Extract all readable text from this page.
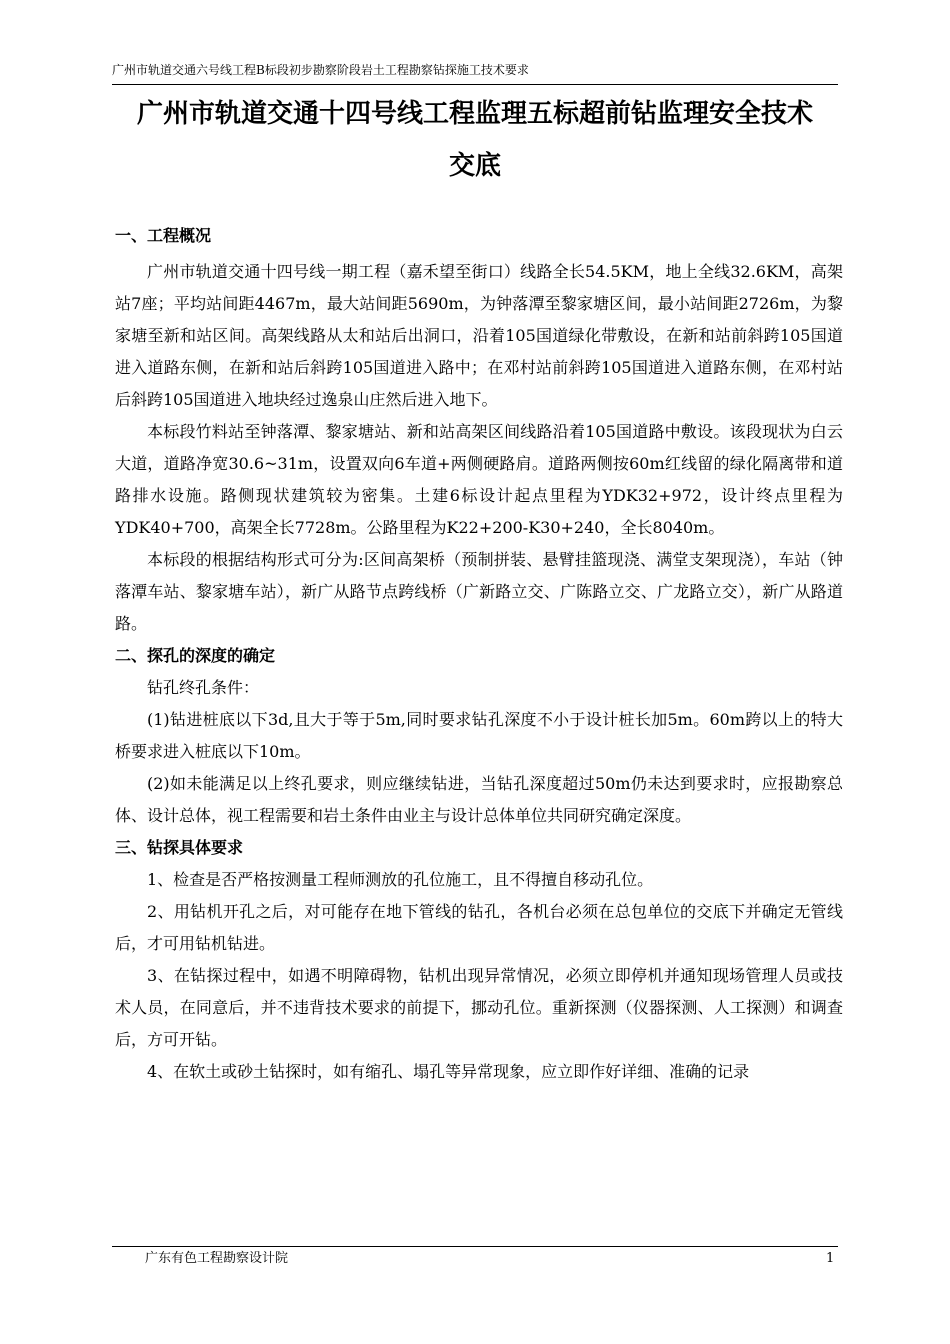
广州市轨道交通六号线工程B标段初步勘察阶段岩土工程勘察钻探施工技术要求
广州市轨道交通十四号线工程监理五标超前钻监理安全技术
交底
一、工程概况

广州市轨道交通十四号线一期工程（嘉禾望至街口）线路全长54.5KM，地上全线32.6KM，高架站7座；平均站间距4467m，最大站间距5690m，为钟落潭至黎家塘区间，最小站间距2726m，为黎家塘至新和站区间。高架线路从太和站后出洞口，沿着105国道绿化带敷设，在新和站前斜跨105国道进入道路东侧，在新和站后斜跨105国道进入路中；在邓村站前斜跨105国道进入道路东侧，在邓村站后斜跨105国道进入地块经过逸泉山庄然后进入地下。

本标段竹料站至钟落潭、黎家塘站、新和站高架区间线路沿着105国道路中敷设。该段现状为白云大道，道路净宽30.6~31m，设置双向6车道+两侧硬路肩。道路两侧按60m红线留的绿化隔离带和道路排水设施。路侧现状建筑较为密集。土建6标设计起点里程为YDK32+972，设计终点里程为YDK40+700，高架全长7728m。公路里程为K22+200-K30+240，全长8040m。

本标段的根据结构形式可分为:区间高架桥（预制拼装、悬臂挂篮现浇、满堂支架现浇），车站（钟落潭车站、黎家塘车站），新广从路节点跨线桥（广新路立交、广陈路立交、广龙路立交），新广从路道路。

二、探孔的深度的确定

钻孔终孔条件：

(1)钻进桩底以下3d,且大于等于5m,同时要求钻孔深度不小于设计桩长加5m。60m跨以上的特大桥要求进入桩底以下10m。

(2)如未能满足以上终孔要求，则应继续钻进，当钻孔深度超过50m仍未达到要求时，应报勘察总体、设计总体，视工程需要和岩土条件由业主与设计总体单位共同研究确定深度。

三、钻探具体要求

1、检查是否严格按测量工程师测放的孔位施工，且不得擅自移动孔位。

2、用钻机开孔之后，对可能存在地下管线的钻孔，各机台必须在总包单位的交底下并确定无管线后，才可用钻机钻进。

3、在钻探过程中，如遇不明障碍物，钻机出现异常情况，必须立即停机并通知现场管理人员或技术人员，在同意后，并不违背技术要求的前提下，挪动孔位。重新探测（仪器探测、人工探测）和调查后，方可开钻。

4、在软土或砂土钻探时，如有缩孔、塌孔等异常现象，应立即作好详细、准确的记录

广东有色工程勘察设计院	1
